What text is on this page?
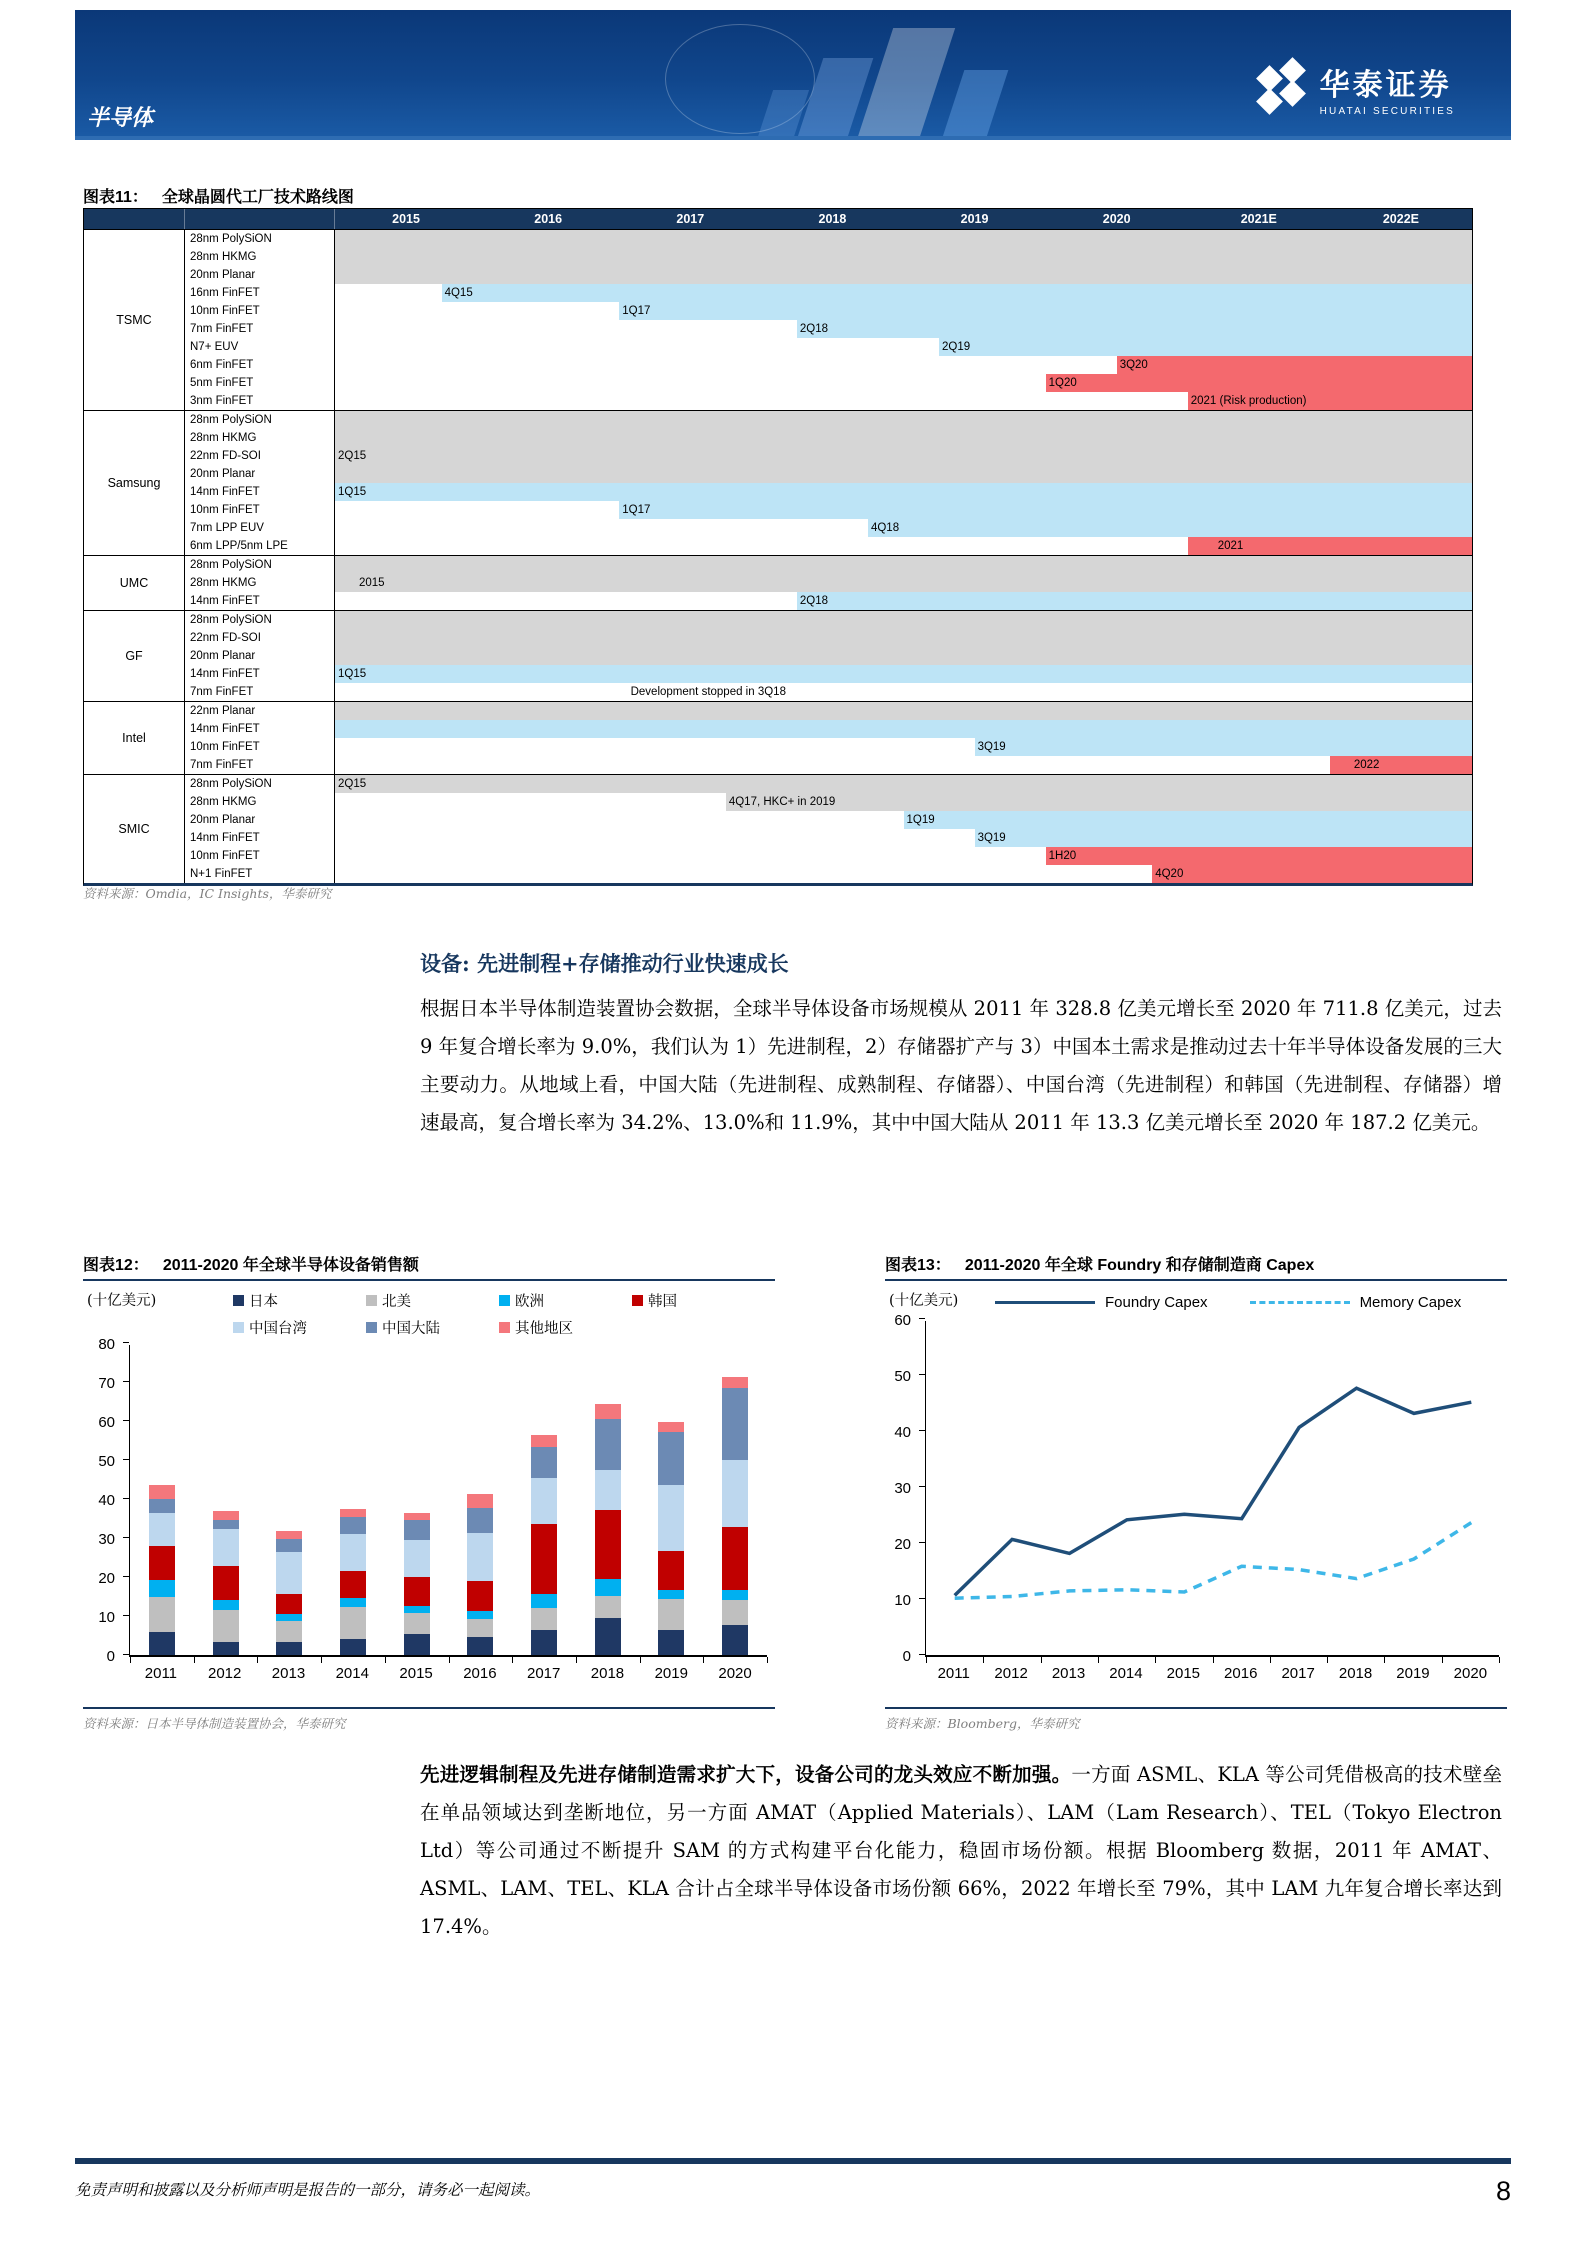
半导体
华泰证券
HUATAI SECURITIES
图表11： 全球晶圆代工厂技术路线图
2015	2016	2017	2018	2019	2020	2021E	2022E
TSMC
28nm PolySiON
28nm HKMG
20nm Planar
16nm FinFET	4Q15
10nm FinFET	1Q17
7nm FinFET	2Q18
N7+ EUV	2Q19
6nm FinFET	3Q20
5nm FinFET	1Q20
3nm FinFET	2021 (Risk production)
Samsung
28nm PolySiON
28nm HKMG
22nm FD-SOI	2Q15
20nm Planar
14nm FinFET	1Q15
10nm FinFET	1Q17
7nm LPP EUV	4Q18
6nm LPP/5nm LPE	2021
UMC
28nm PolySiON
28nm HKMG	2015
14nm FinFET	2Q18
GF
28nm PolySiON
22nm FD-SOI
20nm Planar
14nm FinFET	1Q15
7nm FinFET	Development stopped in 3Q18
Intel
22nm Planar
14nm FinFET
10nm FinFET	3Q19
7nm FinFET	2022
SMIC
28nm PolySiON	2Q15
28nm HKMG	4Q17, HKC+ in 2019
20nm Planar	1Q19
14nm FinFET	3Q19
10nm FinFET	1H20
N+1 FinFET	4Q20
资料来源：Omdia，IC Insights，华泰研究
设备: 先进制程+存储推动行业快速成长
根据日本半导体制造装置协会数据，全球半导体设备市场规模从 2011 年 328.8 亿美元增长至 2020 年 711.8 亿美元，过去 9 年复合增长率为 9.0%，我们认为 1）先进制程，2）存储器扩产与 3）中国本土需求是推动过去十年半导体设备发展的三大主要动力。从地域上看，中国大陆（先进制程、成熟制程、存储器）、中国台湾（先进制程）和韩国（先进制程、存储器）增速最高，复合增长率为 34.2%、13.0%和 11.9%，其中中国大陆从 2011 年 13.3 亿美元增长至 2020 年 187.2 亿美元。
图表12： 2011-2020 年全球半导体设备销售额
(十亿美元)	日本	北美	欧洲	韩国
中国台湾	中国大陆	其他地区
0
10
20
30
40
50
60
70
80
2011	2012	2013	2014	2015	2016	2017	2018	2019	2020
资料来源：日本半导体制造装置协会，华泰研究
图表13： 2011-2020 年全球 Foundry 和存储制造商 Capex
(十亿美元)	Foundry Capex	Memory Capex
0
10
20
30
40
50
60
2011	2012	2013	2014	2015	2016	2017	2018	2019	2020
资料来源：Bloomberg，华泰研究
先进逻辑制程及先进存储制造需求扩大下，设备公司的龙头效应不断加强。一方面 ASML、KLA 等公司凭借极高的技术壁垒在单品领域达到垄断地位，另一方面 AMAT（Applied Materials）、LAM（Lam Research）、TEL（Tokyo Electron Ltd）等公司通过不断提升 SAM 的方式构建平台化能力，稳固市场份额。根据 Bloomberg 数据，2011 年 AMAT、ASML、LAM、TEL、KLA 合计占全球半导体设备市场份额 66%，2022 年增长至 79%，其中 LAM 九年复合增长率达到 17.4%。
免责声明和披露以及分析师声明是报告的一部分，请务必一起阅读。	8
